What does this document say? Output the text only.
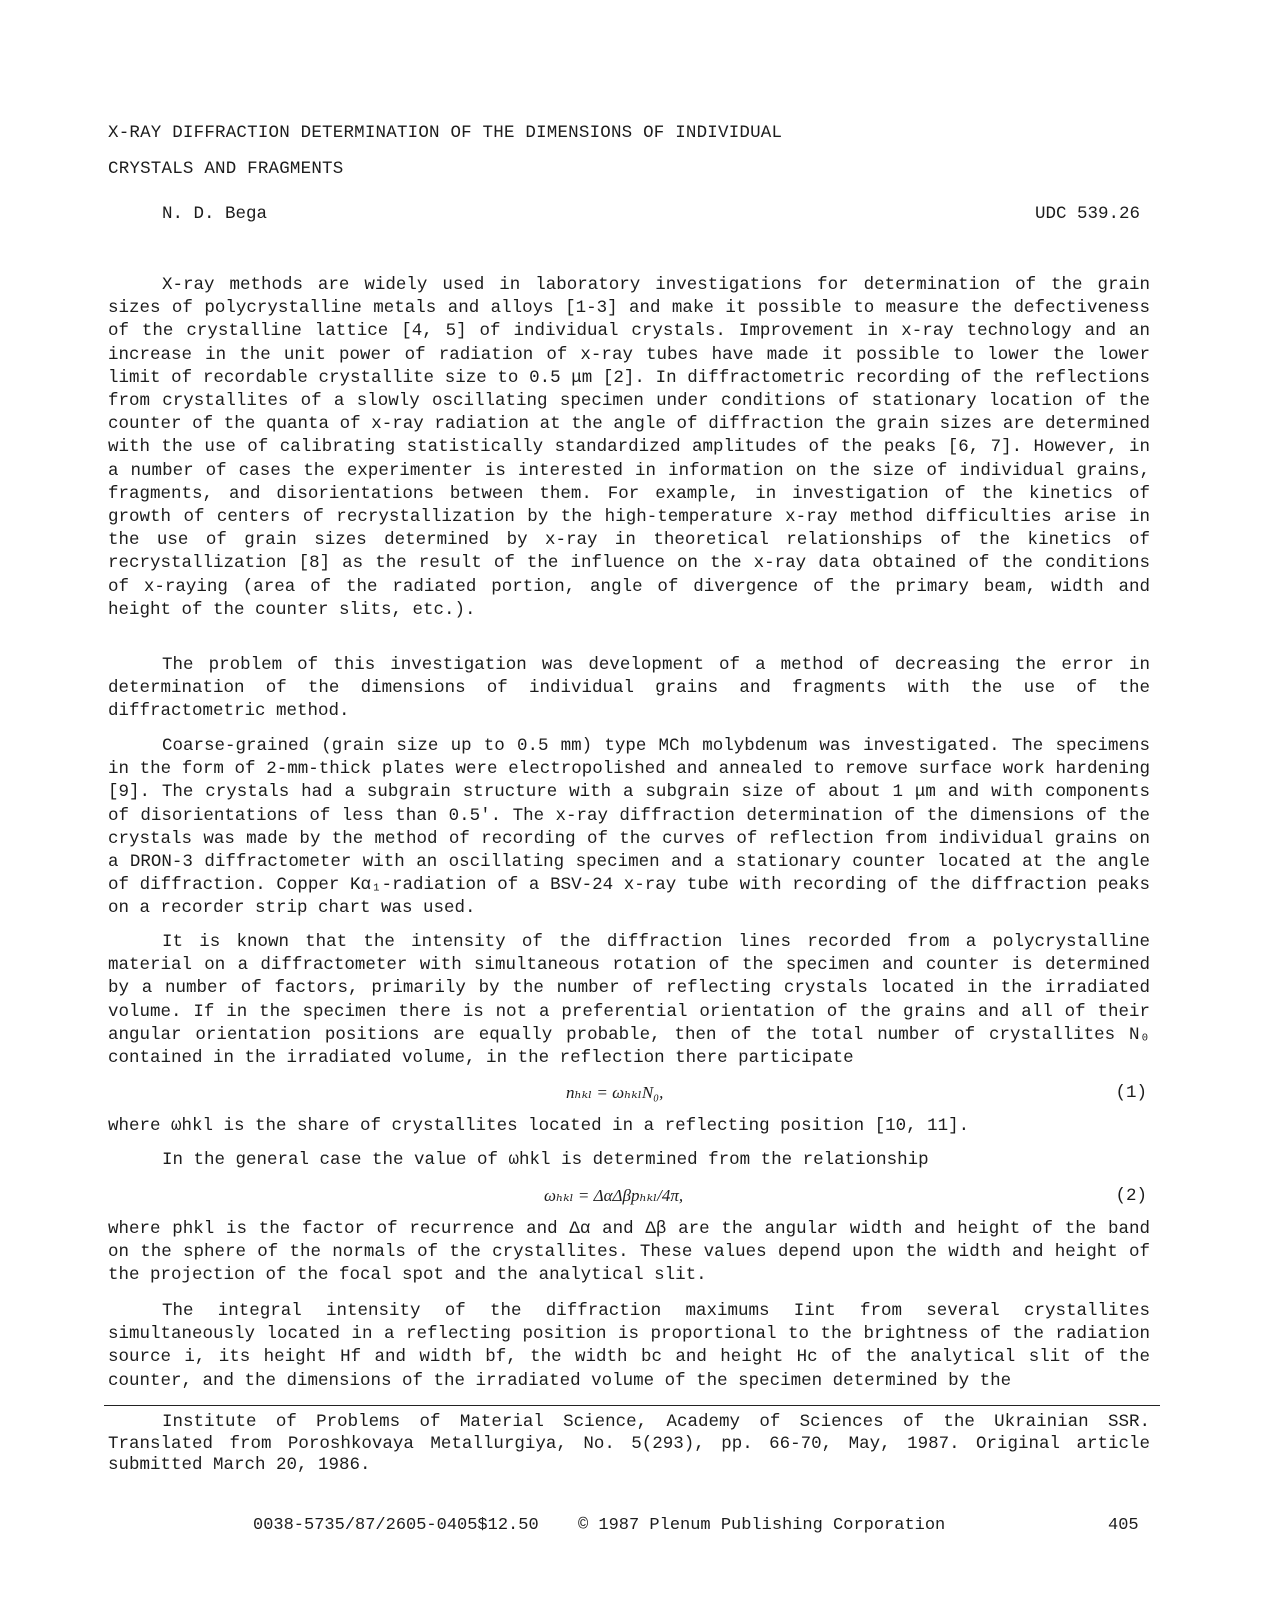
X-RAY DIFFRACTION DETERMINATION OF THE DIMENSIONS OF INDIVIDUAL
CRYSTALS AND FRAGMENTS
N. D. Bega	UDC 539.26
X-ray methods are widely used in laboratory investigations for determination of the grain sizes of polycrystalline metals and alloys [1-3] and make it possible to measure the defectiveness of the crystalline lattice [4, 5] of individual crystals. Improvement in x-ray technology and an increase in the unit power of radiation of x-ray tubes have made it possible to lower the lower limit of recordable crystallite size to 0.5 μm [2]. In diffractometric recording of the reflections from crystallites of a slowly oscillating specimen under conditions of stationary location of the counter of the quanta of x-ray radiation at the angle of diffraction the grain sizes are determined with the use of calibrating statistically standardized amplitudes of the peaks [6, 7]. However, in a number of cases the experimenter is interested in information on the size of individual grains, fragments, and disorientations between them. For example, in investigation of the kinetics of growth of centers of recrystallization by the high-temperature x-ray method difficulties arise in the use of grain sizes determined by x-ray in theoretical relationships of the kinetics of recrystallization [8] as the result of the influence on the x-ray data obtained of the conditions of x-raying (area of the radiated portion, angle of divergence of the primary beam, width and height of the counter slits, etc.).
The problem of this investigation was development of a method of decreasing the error in determination of the dimensions of individual grains and fragments with the use of the diffractometric method.
Coarse-grained (grain size up to 0.5 mm) type MCh molybdenum was investigated. The specimens in the form of 2-mm-thick plates were electropolished and annealed to remove surface work hardening [9]. The crystals had a subgrain structure with a subgrain size of about 1 μm and with components of disorientations of less than 0.5'. The x-ray diffraction determination of the dimensions of the crystals was made by the method of recording of the curves of reflection from individual grains on a DRON-3 diffractometer with an oscillating specimen and a stationary counter located at the angle of diffraction. Copper Kα₁-radiation of a BSV-24 x-ray tube with recording of the diffraction peaks on a recorder strip chart was used.
It is known that the intensity of the diffraction lines recorded from a polycrystalline material on a diffractometer with simultaneous rotation of the specimen and counter is determined by a number of factors, primarily by the number of reflecting crystals located in the irradiated volume. If in the specimen there is not a preferential orientation of the grains and all of their angular orientation positions are equally probable, then of the total number of crystallites N₀ contained in the irradiated volume, in the reflection there participate
nₕₖₗ = ωₕₖₗN₀,	(1)
where ωhkl is the share of crystallites located in a reflecting position [10, 11].
In the general case the value of ωhkl is determined from the relationship
ωₕₖₗ = ΔαΔβpₕₖₗ/4π,	(2)
where phkl is the factor of recurrence and Δα and Δβ are the angular width and height of the band on the sphere of the normals of the crystallites. These values depend upon the width and height of the projection of the focal spot and the analytical slit.
The integral intensity of the diffraction maximums Iint from several crystallites simultaneously located in a reflecting position is proportional to the brightness of the radiation source i, its height Hf and width bf, the width bc and height Hc of the analytical slit of the counter, and the dimensions of the irradiated volume of the specimen determined by the
Institute of Problems of Material Science, Academy of Sciences of the Ukrainian SSR. Translated from Poroshkovaya Metallurgiya, No. 5(293), pp. 66-70, May, 1987. Original article submitted March 20, 1986.
0038-5735/87/2605-0405$12.50 © 1987 Plenum Publishing Corporation	405
